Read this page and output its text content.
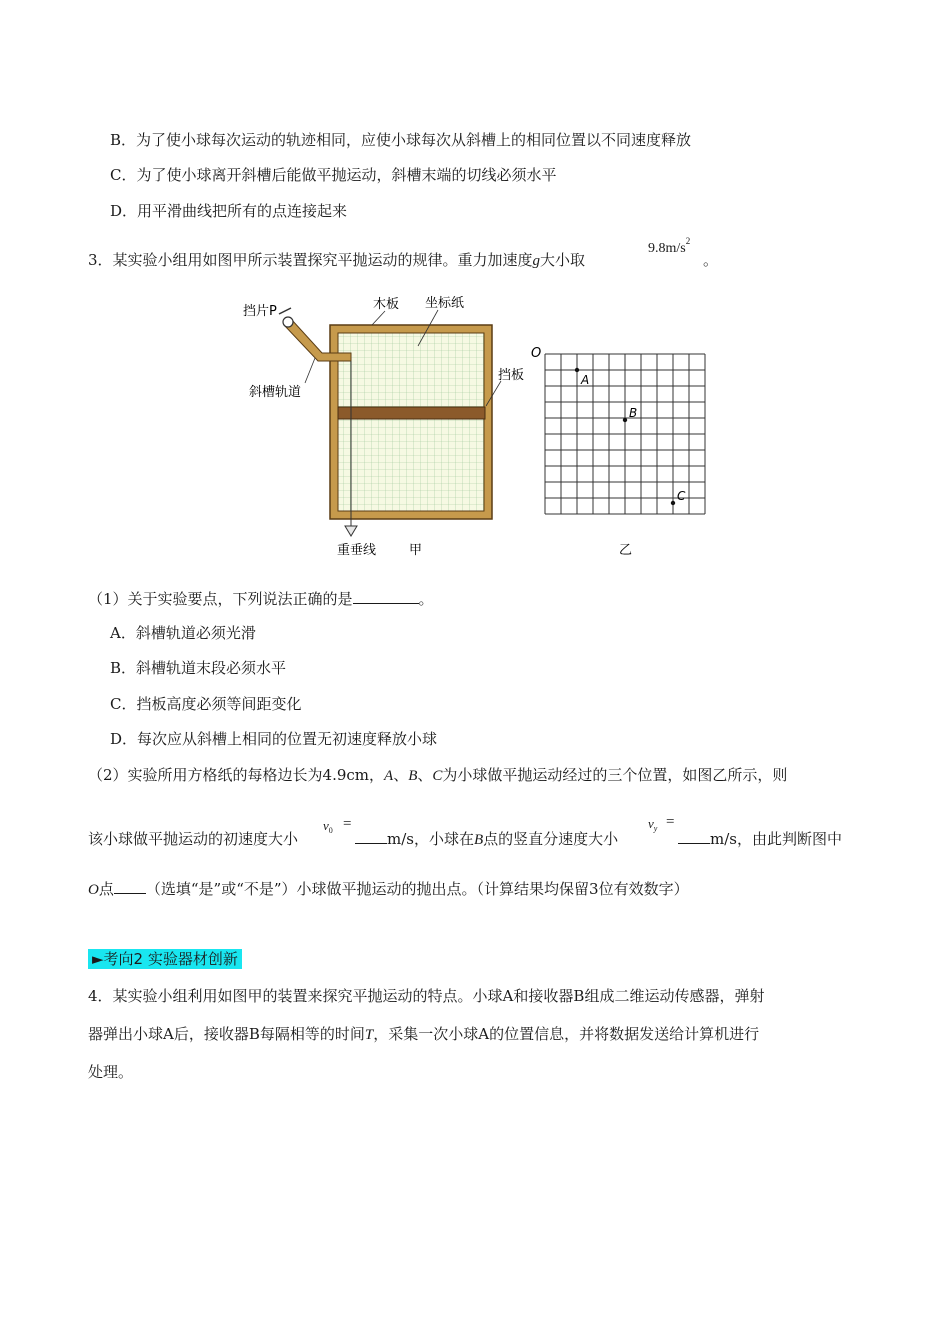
B．为了使小球每次运动的轨迹相同，应使小球每次从斜槽上的相同位置以不同速度释放
C．为了使小球离开斜槽后能做平抛运动，斜槽末端的切线必须水平
D．用平滑曲线把所有的点连接起来
3．某实验小组用如图甲所示装置探究平抛运动的规律。重力加速度g大小取
$9.8m/s^2$
。
挡片P	木板 坐标纸
斜槽轨道
挡板
重垂线	甲
O
A
B
C
乙
（1）关于实验要点，下列说法正确的是	。
A．斜槽轨道必须光滑
B．斜槽轨道末段必须水平
C．挡板高度必须等间距变化
D．每次应从斜槽上相同的位置无初速度释放小球
（2）实验所用方格纸的每格边长为4.9cm，A、B、C为小球做平抛运动经过的三个位置，如图乙所示，则
该小球做平抛运动的初速度大小
$v_0$ =
m/s，小球在B点的竖直分速度大小
$v_y$ =
m/s，由此判断图中
O点 （选填“是”或“不是”）小球做平抛运动的抛出点。（计算结果均保留3位有效数字）
►考向2 实验器材创新
4．某实验小组利用如图甲的装置来探究平抛运动的特点。小球A和接收器B组成二维运动传感器，弹射
器弹出小球A后，接收器B每隔相等的时间T，采集一次小球A的位置信息，并将数据发送给计算机进行
处理。
